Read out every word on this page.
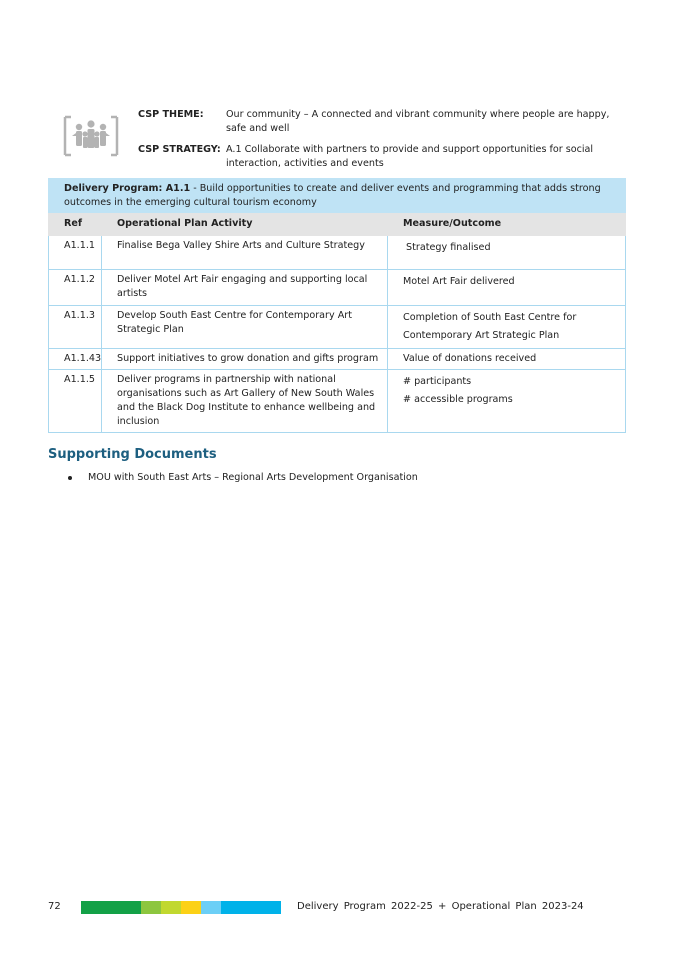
CSP THEME:	Our community – A connected and vibrant community where people are happy, safe and well
CSP STRATEGY: A.1 Collaborate with partners to provide and support opportunities for social interaction, activities and events
Delivery Program: A1.1 - Build opportunities to create and deliver events and programming that adds strong outcomes in the emerging cultural tourism economy		
Ref	Operational Plan Activity	Measure/Outcome
A1.1.1	Finalise Bega Valley Shire Arts and Culture Strategy	Strategy finalised

A1.1.2	Deliver Motel Art Fair engaging and supporting local artists	Motel Art Fair delivered

A1.1.3	Develop South East Centre for Contemporary Art Strategic Plan	Completion of South East Centre for
Contemporary Art Strategic Plan

A1.1.43	Support initiatives to grow donation and gifts program	Value of donations received

A1.1.5	Deliver programs in partnership with national organisations such as Art Gallery of New South Wales and the Black Dog Institute to enhance wellbeing and inclusion	# participants
# accessible programs
Supporting Documents
MOU with South East Arts – Regional Arts Development Organisation
72	Delivery Program 2022-25 + Operational Plan 2023-24
